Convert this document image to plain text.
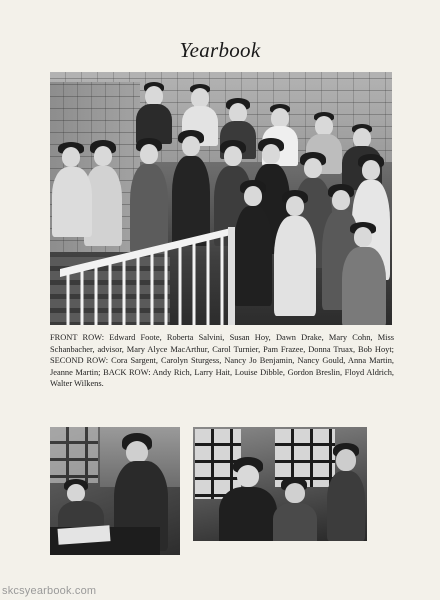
Yearbook
FRONT ROW: Edward Foote, Roberta Salvini, Susan Hoy, Dawn Drake, Mary Cohn, Miss Schanbacher, advisor, Mary Alyce MacArthur, Carol Turnier, Pam Frazee, Donna Truax, Bob Hoyt; SECOND ROW: Cora Sargent, Carolyn Sturgess, Nancy Jo Benjamin, Nancy Gould, Anna Martin, Jeanne Martin; BACK ROW: Andy Rich, Larry Hait, Louise Dibble, Gordon Breslin, Floyd Aldrich, Walter Wilkens.
skcsyearbook.com
